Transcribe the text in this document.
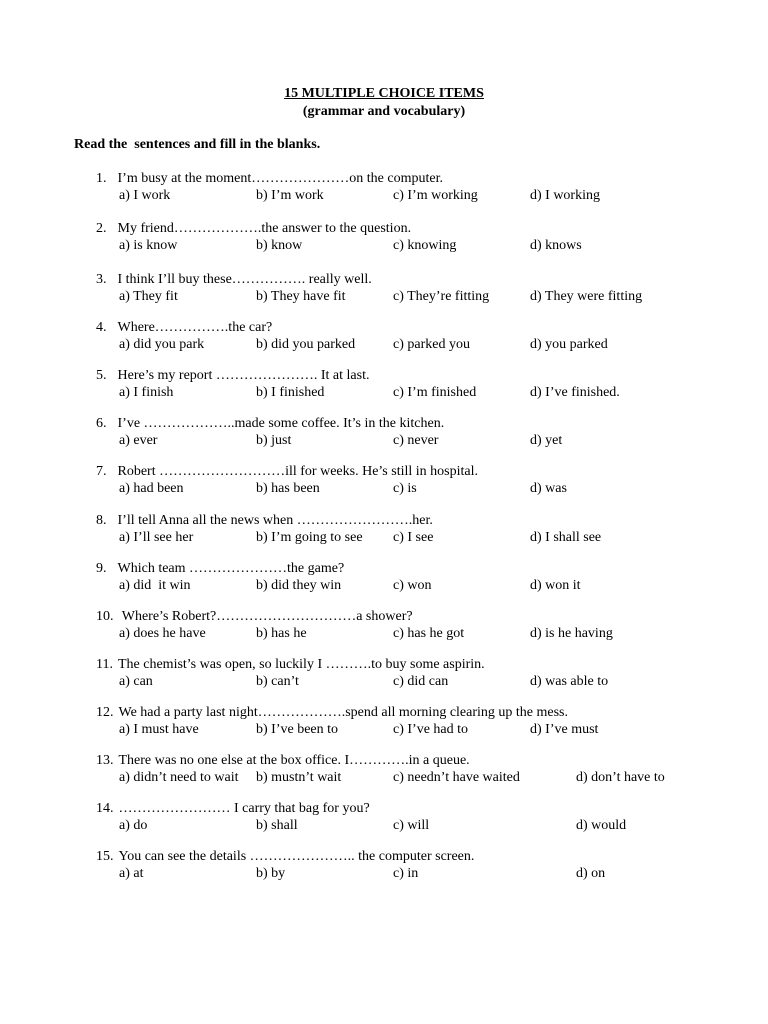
15 MULTIPLE CHOICE ITEMS
(grammar and vocabulary)
Read the  sentences and fill in the blanks.
1. I’m busy at the moment…………………on the computer.
a) I work	b) I’m work	c) I’m working	d) I working
2. My friend……………….the answer to the question.
a) is know	b) know	c) knowing	d) knows
3. I think I’ll buy these……………. really well.
a) They fit	b) They have fit	c) They’re fitting	d) They were fitting
4. Where…………….the car?
a) did you park	b) did you parked	c) parked you	d) you parked
5. Here’s my report …………………. It at last.
a) I finish	b) I finished	c) I’m finished	d) I’ve finished.
6. I’ve ………………..made some coffee. It’s in the kitchen.
a) ever	b) just	c) never	d) yet
7. Robert ………………………ill for weeks. He’s still in hospital.
a) had been	b) has been	c) is	d) was
8. I’ll tell Anna all the news when …………………….her.
a) I’ll see her	b) I’m going to see c) I see	d) I shall see
9. Which team …………………the game?
a) did  it win	b) did they win	c) won	d) won it
10. Where’s Robert?…………………………a shower?
a) does he have	b) has he	c) has he got	d) is he having
11. The chemist’s was open, so luckily I ……….to buy some aspirin.
a) can	b) can’t	c) did can	d) was able to
12. We had a party last night……………….spend all morning clearing up the mess.
a) I must have	b) I’ve been to	c) I’ve had to	d) I’ve must
13. There was no one else at the box office. I………….in a queue.
a) didn’t need to wait b) mustn’t wait	c) needn’t have waited	d) don’t have to
14. …………………… I carry that bag for you?
a) do	b) shall	c) will	d) would
15. You can see the details ………………….. the computer screen.
a) at	b) by	c) in	d) on
